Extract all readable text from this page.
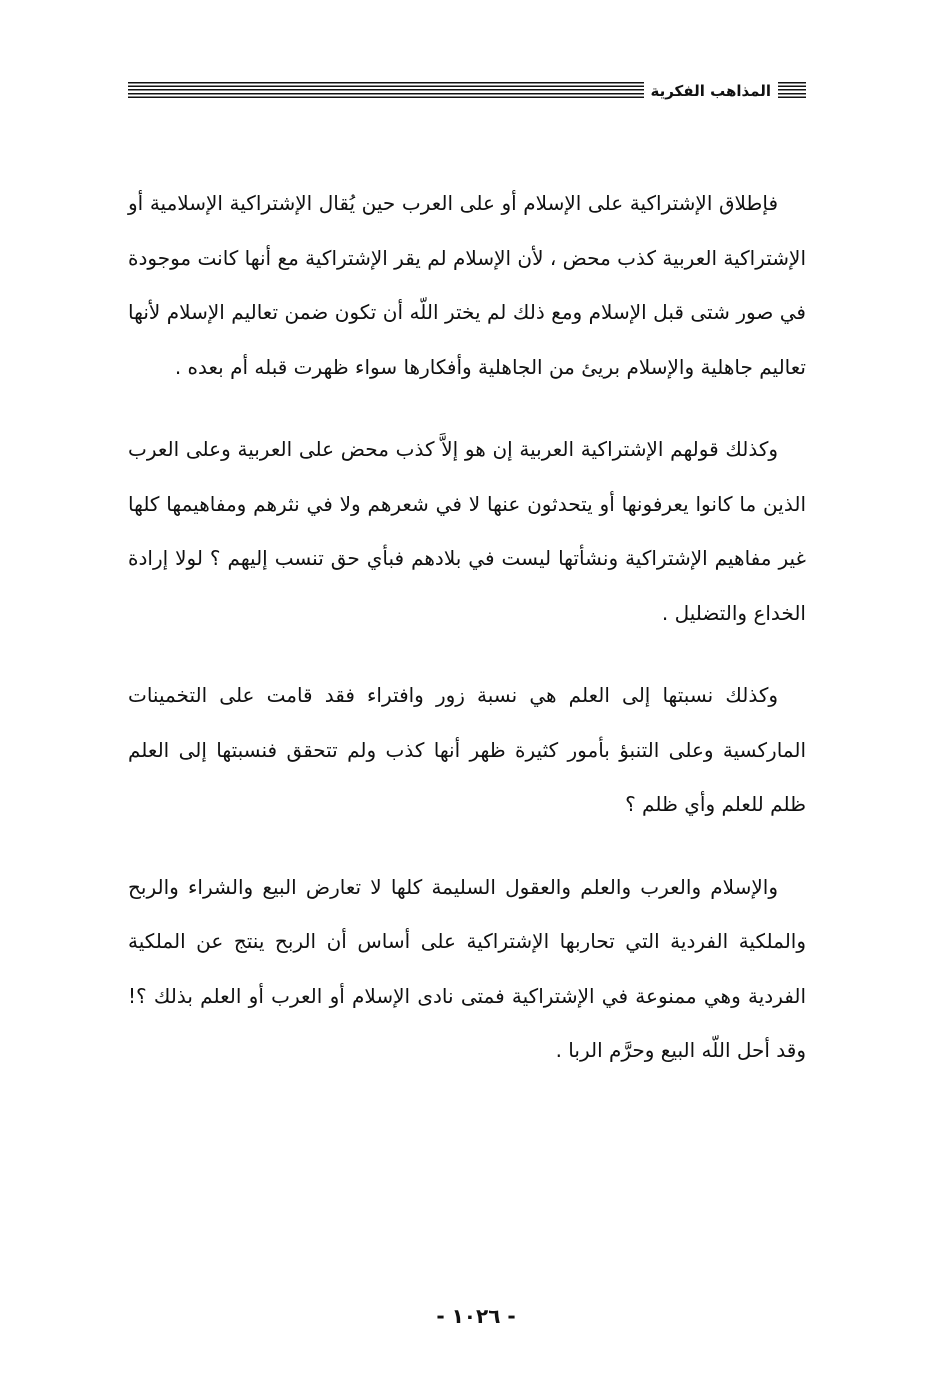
المذاهب الفكرية

فإطلاق الإشتراكية على الإسلام أو على العرب حين يُقال الإشتراكية الإسلامية أو الإشتراكية العربية كذب محض ، لأن الإسلام لم يقر الإشتراكية مع أنها كانت موجودة في صور شتى قبل الإسلام ومع ذلك لم يختر اللّه أن تكون ضمن تعاليم الإسلام لأنها تعاليم جاهلية والإسلام بريئ من الجاهلية وأفكارها سواء ظهرت قبله أم بعده .

وكذلك قولهم الإشتراكية العربية إن هو إلاَّ كذب محض على العربية وعلى العرب الذين ما كانوا يعرفونها أو يتحدثون عنها لا في شعرهم ولا في نثرهم ومفاهيمها كلها غير مفاهيم الإشتراكية ونشأتها ليست في بلادهم فبأي حق تنسب إليهم ؟ لولا إرادة الخداع والتضليل .

وكذلك نسبتها إلى العلم هي نسبة زور وافتراء فقد قامت على التخمينات الماركسية وعلى التنبؤ بأمور كثيرة ظهر أنها كذب ولم تتحقق فنسبتها إلى العلم ظلم للعلم وأي ظلم ؟

والإسلام والعرب والعلم والعقول السليمة كلها لا تعارض البيع والشراء والربح والملكية الفردية التي تحاربها الإشتراكية على أساس أن الربح ينتج عن الملكية الفردية وهي ممنوعة في الإشتراكية فمتى نادى الإسلام أو العرب أو العلم بذلك ؟! وقد أحل اللّه البيع وحرَّم الربا .

- ١٠٢٦ -
